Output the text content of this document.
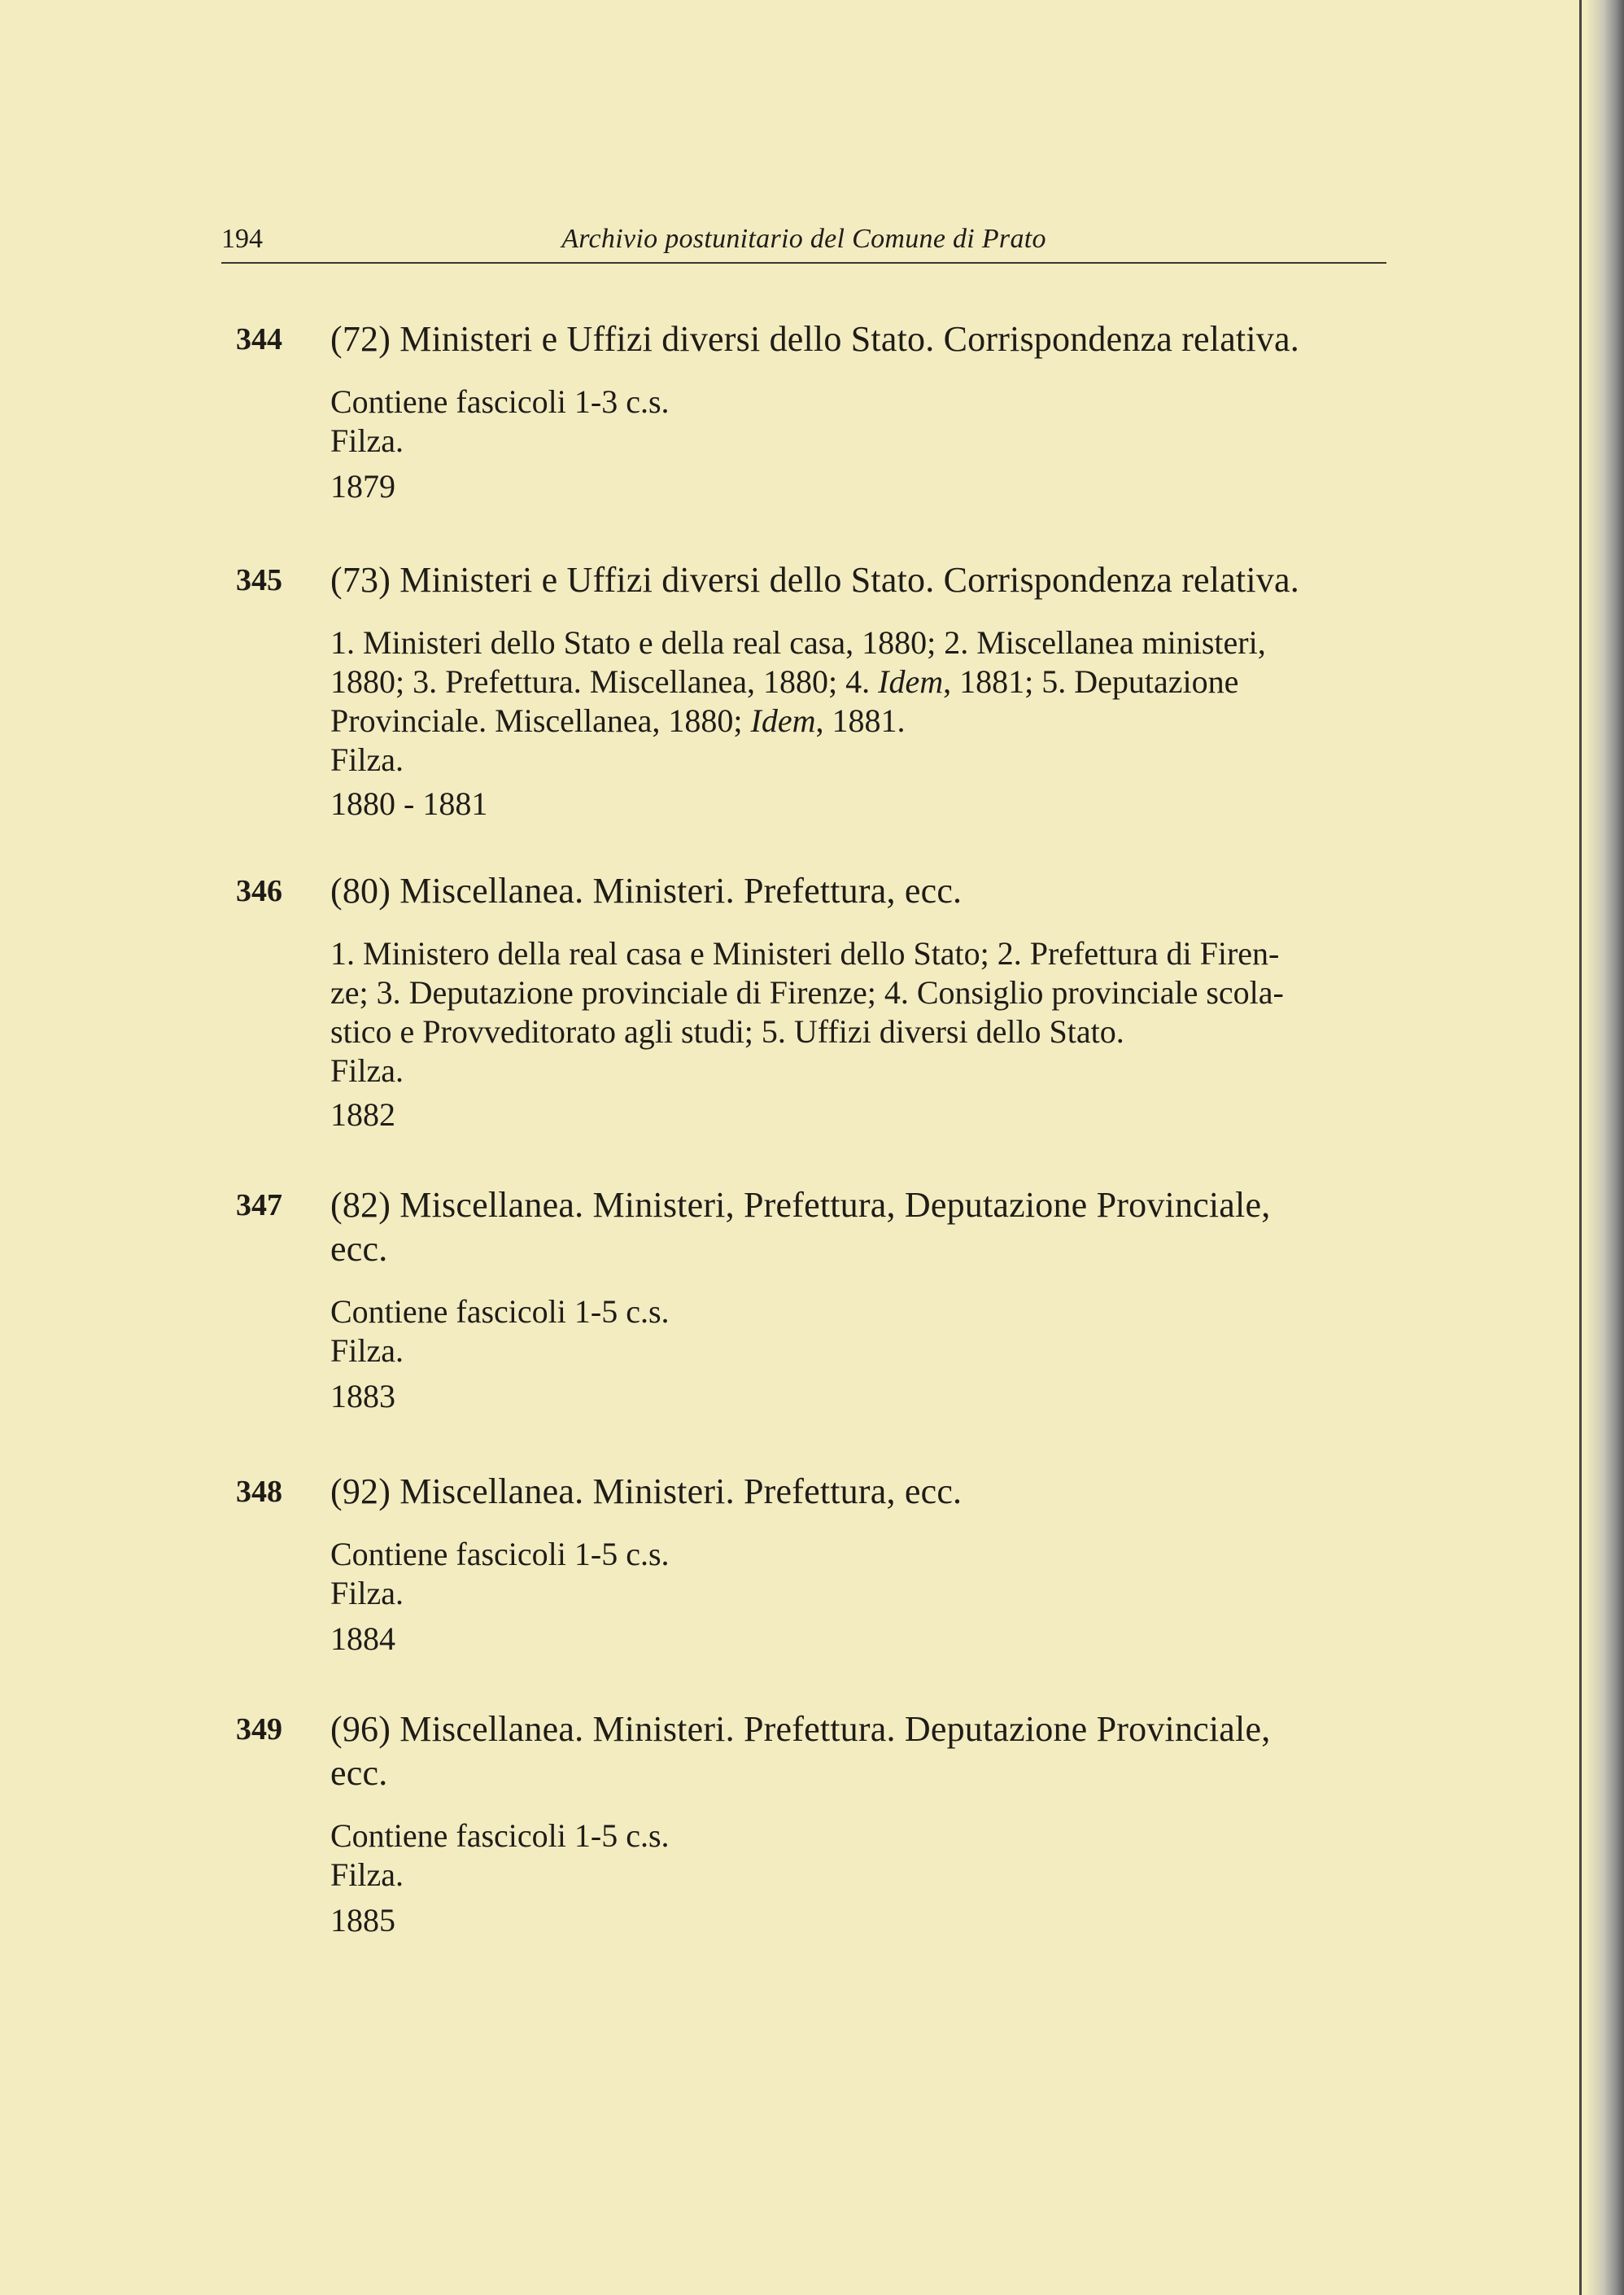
194	Archivio postunitario del Comune di Prato
344 (72) Ministeri e Uffizi diversi dello Stato. Corrispondenza relativa.
Contiene fascicoli 1-3 c.s.
Filza.
1879
345 (73) Ministeri e Uffizi diversi dello Stato. Corrispondenza relativa.
1. Ministeri dello Stato e della real casa, 1880; 2. Miscellanea ministeri,
1880; 3. Prefettura. Miscellanea, 1880; 4. Idem, 1881; 5. Deputazione
Provinciale. Miscellanea, 1880; Idem, 1881.
Filza.
1880 - 1881
346 (80) Miscellanea. Ministeri. Prefettura, ecc.
1. Ministero della real casa e Ministeri dello Stato; 2. Prefettura di Firen-
ze; 3. Deputazione provinciale di Firenze; 4. Consiglio provinciale scola-
stico e Provveditorato agli studi; 5. Uffizi diversi dello Stato.
Filza.
1882
347 (82) Miscellanea. Ministeri, Prefettura, Deputazione Provinciale,
ecc.
Contiene fascicoli 1-5 c.s.
Filza.
1883
348 (92) Miscellanea. Ministeri. Prefettura, ecc.
Contiene fascicoli 1-5 c.s.
Filza.
1884
349 (96) Miscellanea. Ministeri. Prefettura. Deputazione Provinciale,
ecc.
Contiene fascicoli 1-5 c.s.
Filza.
1885
